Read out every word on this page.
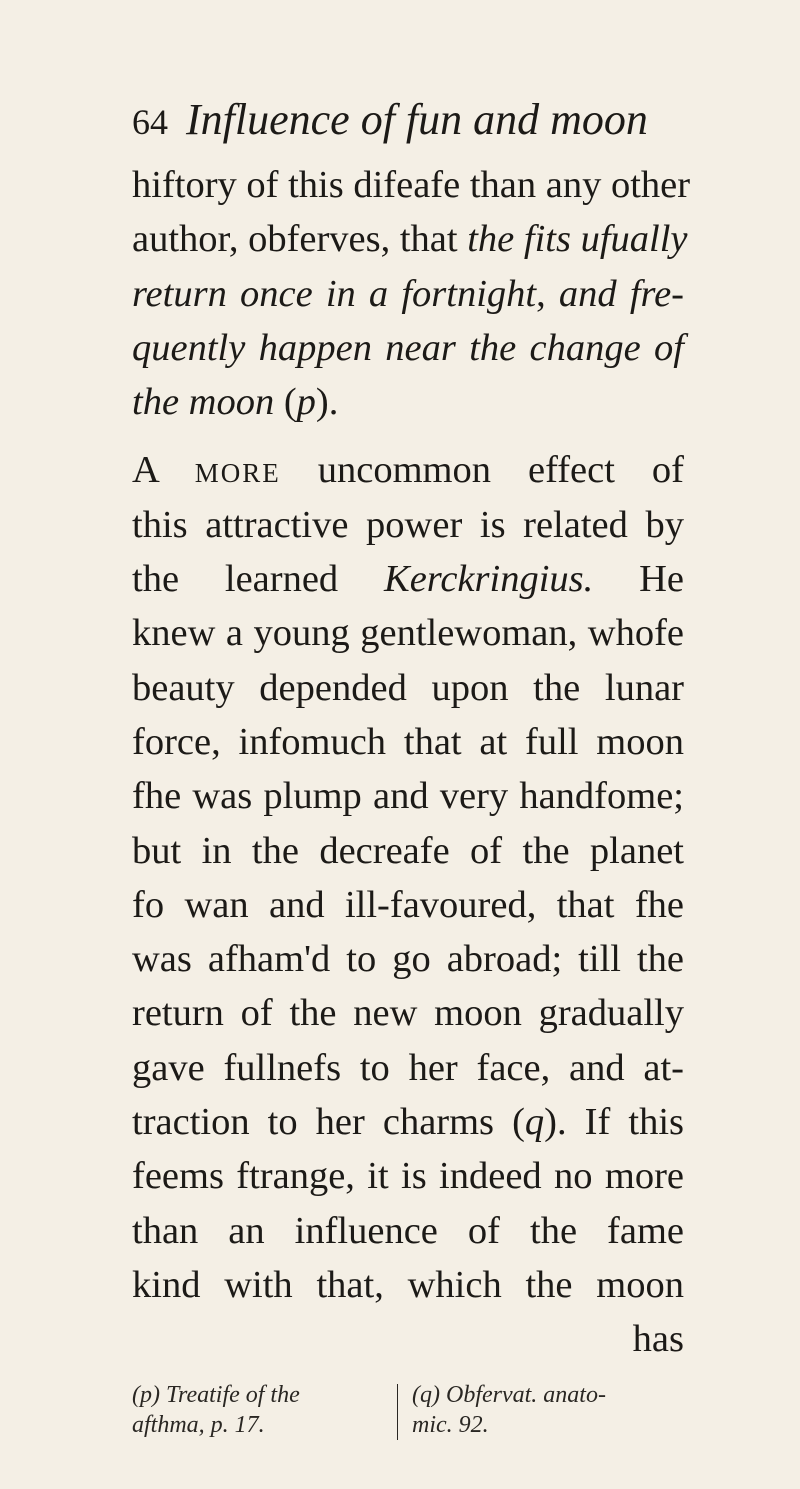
64 Influence of fun and moon
hiftory of this difeafe than any other
author, obferves, that the fits ufually
return once in a fortnight, and fre-
quently happen near the change of
the moon (p).
A more uncommon effect of
this attractive power is related by
the learned Kerckringius. He
knew a young gentlewoman, whofe
beauty depended upon the lunar
force, infomuch that at full moon
fhe was plump and very handfome;
but in the decreafe of the planet
fo wan and ill-favoured, that fhe
was afham'd to go abroad; till the
return of the new moon gradually
gave fullnefs to her face, and at-
traction to her charms (q). If this
feems ftrange, it is indeed no more
than an influence of the fame
kind with that, which the moon
has
(p) Treatife of the
afthma, p. 17.
(q) Obfervat. anato-
mic. 92.
